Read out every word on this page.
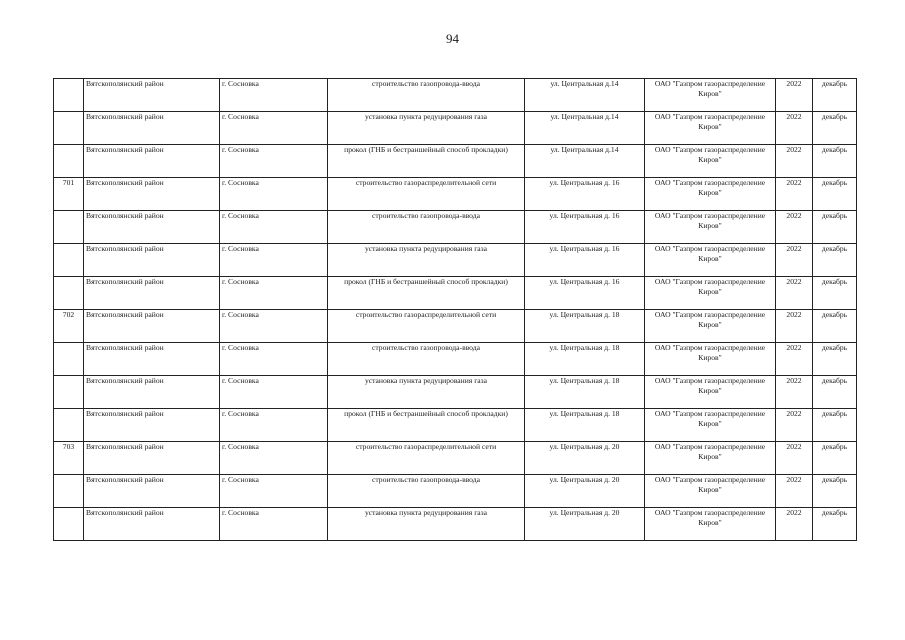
94
	Вятскополянский район	г. Сосновка	строительство газопровода-ввода	ул. Центральная д.14	ОАО "Газпром газораспределение Киров"	2022	декабрь
	Вятскополянский район	г. Сосновка	установка пункта редуцирования газа	ул. Центральная д.14	ОАО "Газпром газораспределение Киров"	2022	декабрь
	Вятскополянский район	г. Сосновка	прокол (ГНБ и бестраншейный способ прокладки)	ул. Центральная д.14	ОАО "Газпром газораспределение Киров"	2022	декабрь
701	Вятскополянский район	г. Сосновка	строительство газораспределительной сети	ул. Центральная д. 16	ОАО "Газпром газораспределение Киров"	2022	декабрь
	Вятскополянский район	г. Сосновка	строительство газопровода-ввода	ул. Центральная д. 16	ОАО "Газпром газораспределение Киров"	2022	декабрь
	Вятскополянский район	г. Сосновка	установка пункта редуцирования газа	ул. Центральная д. 16	ОАО "Газпром газораспределение Киров"	2022	декабрь
	Вятскополянский район	г. Сосновка	прокол (ГНБ и бестраншейный способ прокладки)	ул. Центральная д. 16	ОАО "Газпром газораспределение Киров"	2022	декабрь
702	Вятскополянский район	г. Сосновка	строительство газораспределительной сети	ул. Центральная д. 18	ОАО "Газпром газораспределение Киров"	2022	декабрь
	Вятскополянский район	г. Сосновка	строительство газопровода-ввода	ул. Центральная д. 18	ОАО "Газпром газораспределение Киров"	2022	декабрь
	Вятскополянский район	г. Сосновка	установка пункта редуцирования газа	ул. Центральная д. 18	ОАО "Газпром газораспределение Киров"	2022	декабрь
	Вятскополянский район	г. Сосновка	прокол (ГНБ и бестраншейный способ прокладки)	ул. Центральная д. 18	ОАО "Газпром газораспределение Киров"	2022	декабрь
703	Вятскополянский район	г. Сосновка	строительство газораспределительной сети	ул. Центральная д. 20	ОАО "Газпром газораспределение Киров"	2022	декабрь
	Вятскополянский район	г. Сосновка	строительство газопровода-ввода	ул. Центральная д. 20	ОАО "Газпром газораспределение Киров"	2022	декабрь
	Вятскополянский район	г. Сосновка	установка пункта редуцирования газа	ул. Центральная д. 20	ОАО "Газпром газораспределение Киров"	2022	декабрь
